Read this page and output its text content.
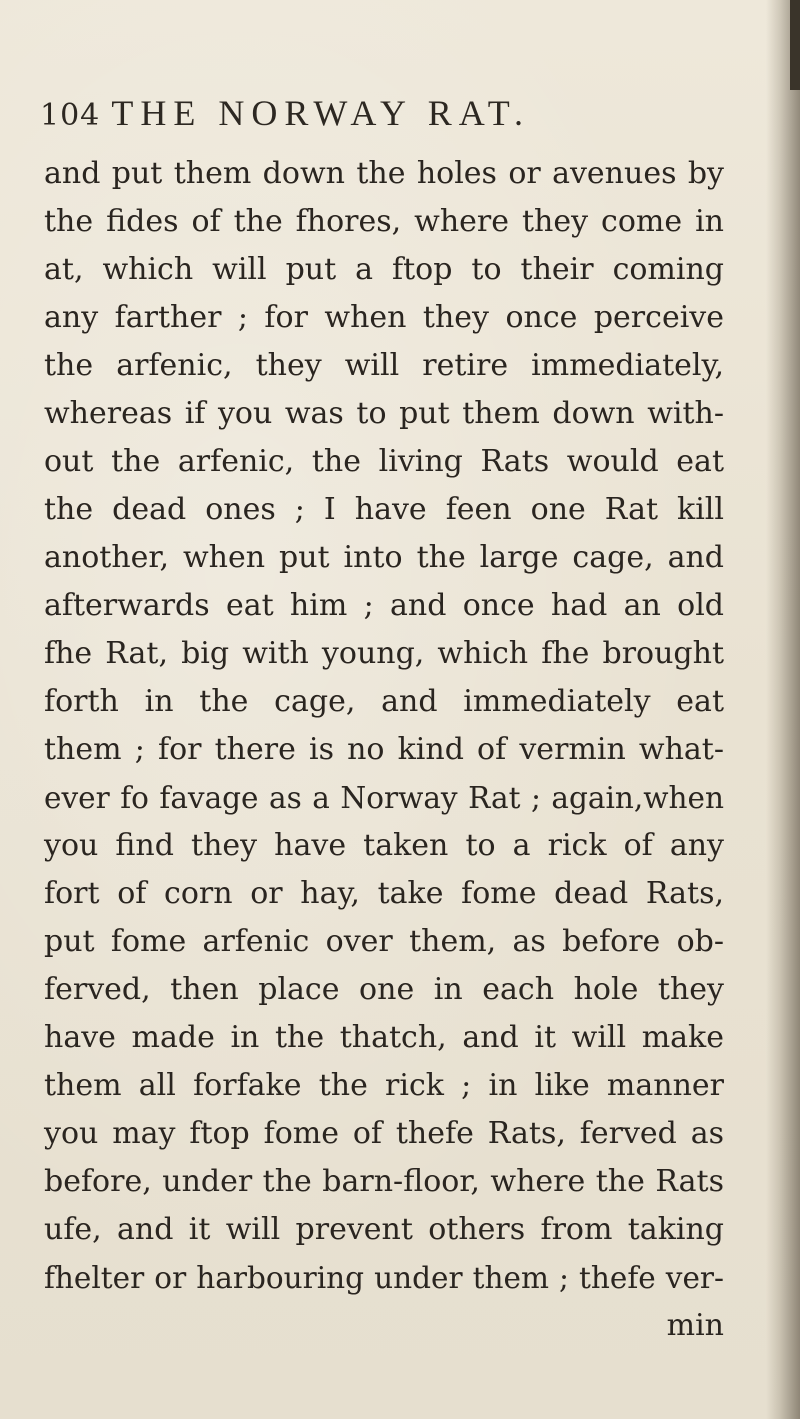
104 THE NORWAY RAT.
and put them down the holes or avenues by
the fides of the fhores, where they come in
at, which will put a ftop to their coming
any farther ; for when they once perceive
the arfenic, they will retire immediately,
whereas if you was to put them down with-
out the arfenic, the living Rats would eat
the dead ones ; I have feen one Rat kill
another, when put into the large cage, and
afterwards eat him ; and once had an old
fhe Rat, big with young, which fhe brought
forth in the cage, and immediately eat
them ; for there is no kind of vermin what-
ever fo favage as a Norway Rat ; again,when
you find they have taken to a rick of any
fort of corn or hay, take fome dead Rats,
put fome arfenic over them, as before ob-
ferved, then place one in each hole they
have made in the thatch, and it will make
them all forfake the rick ; in like manner
you may ftop fome of thefe Rats, ferved as
before, under the barn-floor, where the Rats
ufe, and it will prevent others from taking
fhelter or harbouring under them ; thefe ver-
min
